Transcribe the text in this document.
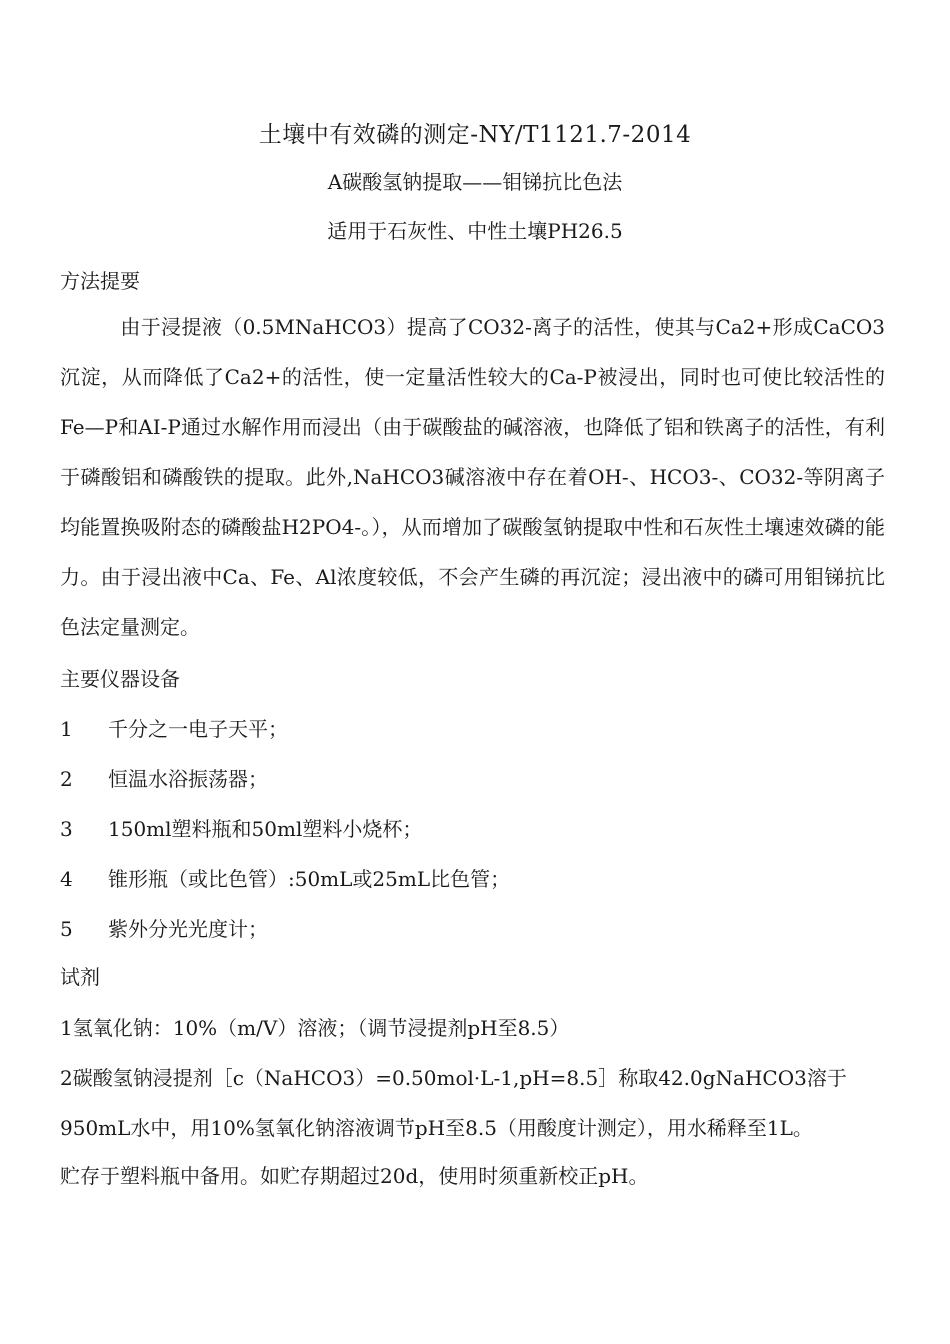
土壤中有效磷的测定-NY/T1121.7-2014
A碳酸氢钠提取——钼锑抗比色法
适用于石灰性、中性土壤PH26.5
方法提要

由于浸提液（0.5MNaHCO3）提高了CO32-离子的活性，使其与Ca2+形成CaCO3沉淀，从而降低了Ca2+的活性，使一定量活性较大的Ca-P被浸出，同时也可使比较活性的Fe—P和AI-P通过水解作用而浸出（由于碳酸盐的碱溶液，也降低了铝和铁离子的活性，有利于磷酸铝和磷酸铁的提取。此外,NaHCO3碱溶液中存在着OH-、HCO3-、CO32-等阴离子均能置换吸附态的磷酸盐H2PO4-。），从而增加了碳酸氢钠提取中性和石灰性土壤速效磷的能力。由于浸出液中Ca、Fe、Al浓度较低，不会产生磷的再沉淀；浸出液中的磷可用钼锑抗比色法定量测定。

主要仪器设备
1 千分之一电子天平；
2 恒温水浴振荡器；
3 150ml塑料瓶和50ml塑料小烧杯；
4 锥形瓶（或比色管）:50mL或25mL比色管；
5 紫外分光光度计；
试剂
1氢氧化钠：10%（m/V）溶液；（调节浸提剂pH至8.5）
2碳酸氢钠浸提剂［c（NaHCO3）=0.50mol·L-1,pH=8.5］称取42.0gNaHCO3溶于
950mL水中，用10%氢氧化钠溶液调节pH至8.5（用酸度计测定），用水稀释至1L。
贮存于塑料瓶中备用。如贮存期超过20d，使用时须重新校正pH。
